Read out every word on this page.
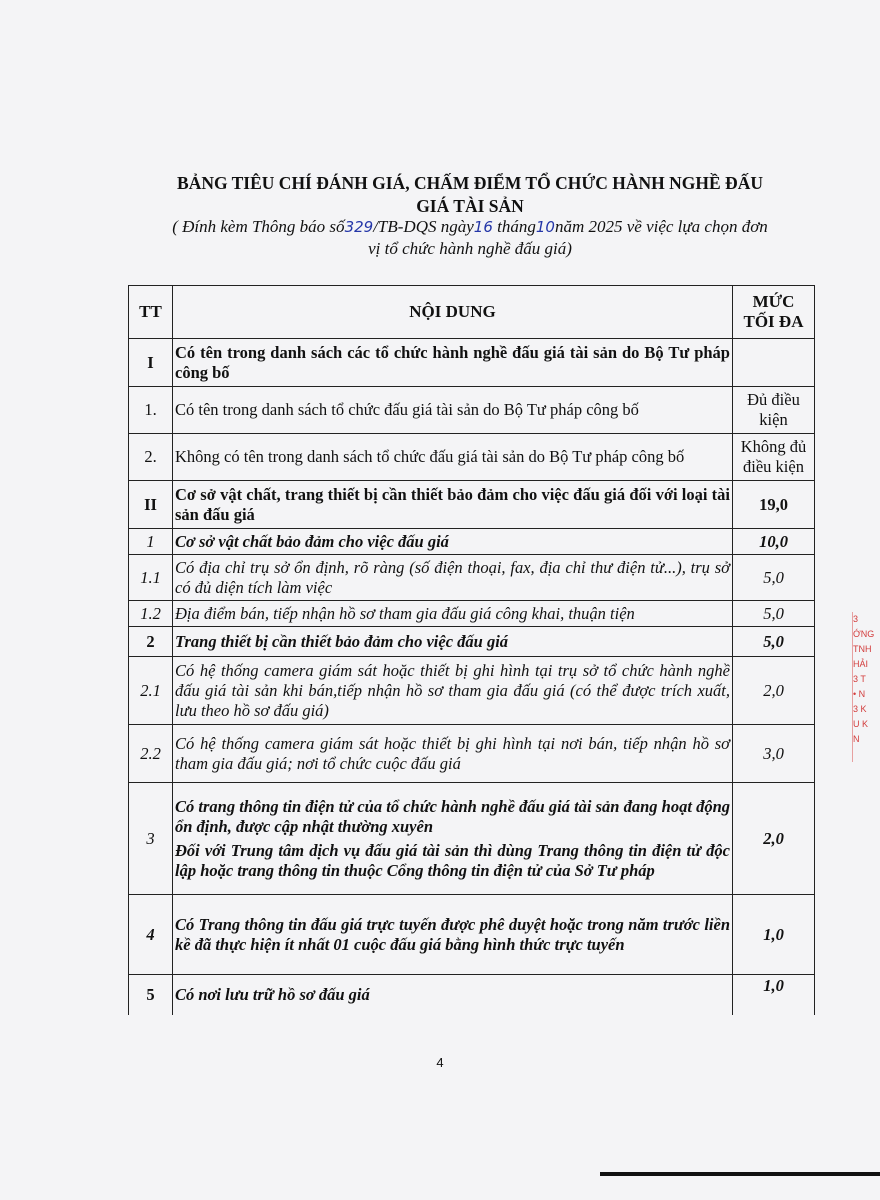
BẢNG TIÊU CHÍ ĐÁNH GIÁ, CHẤM ĐIỂM TỔ CHỨC HÀNH NGHỀ ĐẤU
GIÁ TÀI SẢN
( Đính kèm Thông báo số329/TB-DQS ngày16 tháng10năm 2025 về việc lựa chọn đơn
vị tổ chức hành nghề đấu giá)
TT	NỘI DUNG	MỨC
TỐI ĐA

I	Có tên trong danh sách các tổ chức hành nghề đấu giá tài sản do Bộ Tư pháp công bố	
1.	Có tên trong danh sách tổ chức đấu giá tài sản do Bộ Tư pháp công bố	Đủ điều kiện
2.	Không có tên trong danh sách tổ chức đấu giá tài sản do Bộ Tư pháp công bố	Không đủ điều kiện
II	Cơ sở vật chất, trang thiết bị cần thiết bảo đảm cho việc đấu giá đối với loại tài sản đấu giá	19,0
1	Cơ sở vật chất bảo đảm cho việc đấu giá	10,0
1.1	Có địa chỉ trụ sở ổn định, rõ ràng (số điện thoại, fax, địa chỉ thư điện tử...), trụ sở có đủ diện tích làm việc	5,0
1.2	Địa điểm bán, tiếp nhận hồ sơ tham gia đấu giá công khai, thuận tiện	5,0
2	Trang thiết bị cần thiết bảo đảm cho việc đấu giá	5,0
2.1	Có hệ thống camera giám sát hoặc thiết bị ghi hình tại trụ sở tổ chức hành nghề đấu giá tài sản khi bán,tiếp nhận hồ sơ tham gia đấu giá (có thể được trích xuất, lưu theo hồ sơ đấu giá)	2,0
2.2	Có hệ thống camera giám sát hoặc thiết bị ghi hình tại nơi bán, tiếp nhận hồ sơ tham gia đấu giá; nơi tổ chức cuộc đấu giá	3,0
3	Có trang thông tin điện tử của tổ chức hành nghề đấu giá tài sản đang hoạt động ổn định, được cập nhật thường xuyên

Đối với Trung tâm dịch vụ đấu giá tài sản thì dùng Trang thông tin điện tử độc lập hoặc trang thông tin thuộc Cổng thông tin điện tử của Sở Tư pháp	2,0
4	Có Trang thông tin đấu giá trực tuyến được phê duyệt hoặc trong năm trước liền kề đã thực hiện ít nhất 01 cuộc đấu giá bằng hình thức trực tuyến	1,0
5	Có nơi lưu trữ hồ sơ đấu giá	1,0
4
3
ỚNG
TNH
HẢI
3 T
• N
3 K
U K
N
